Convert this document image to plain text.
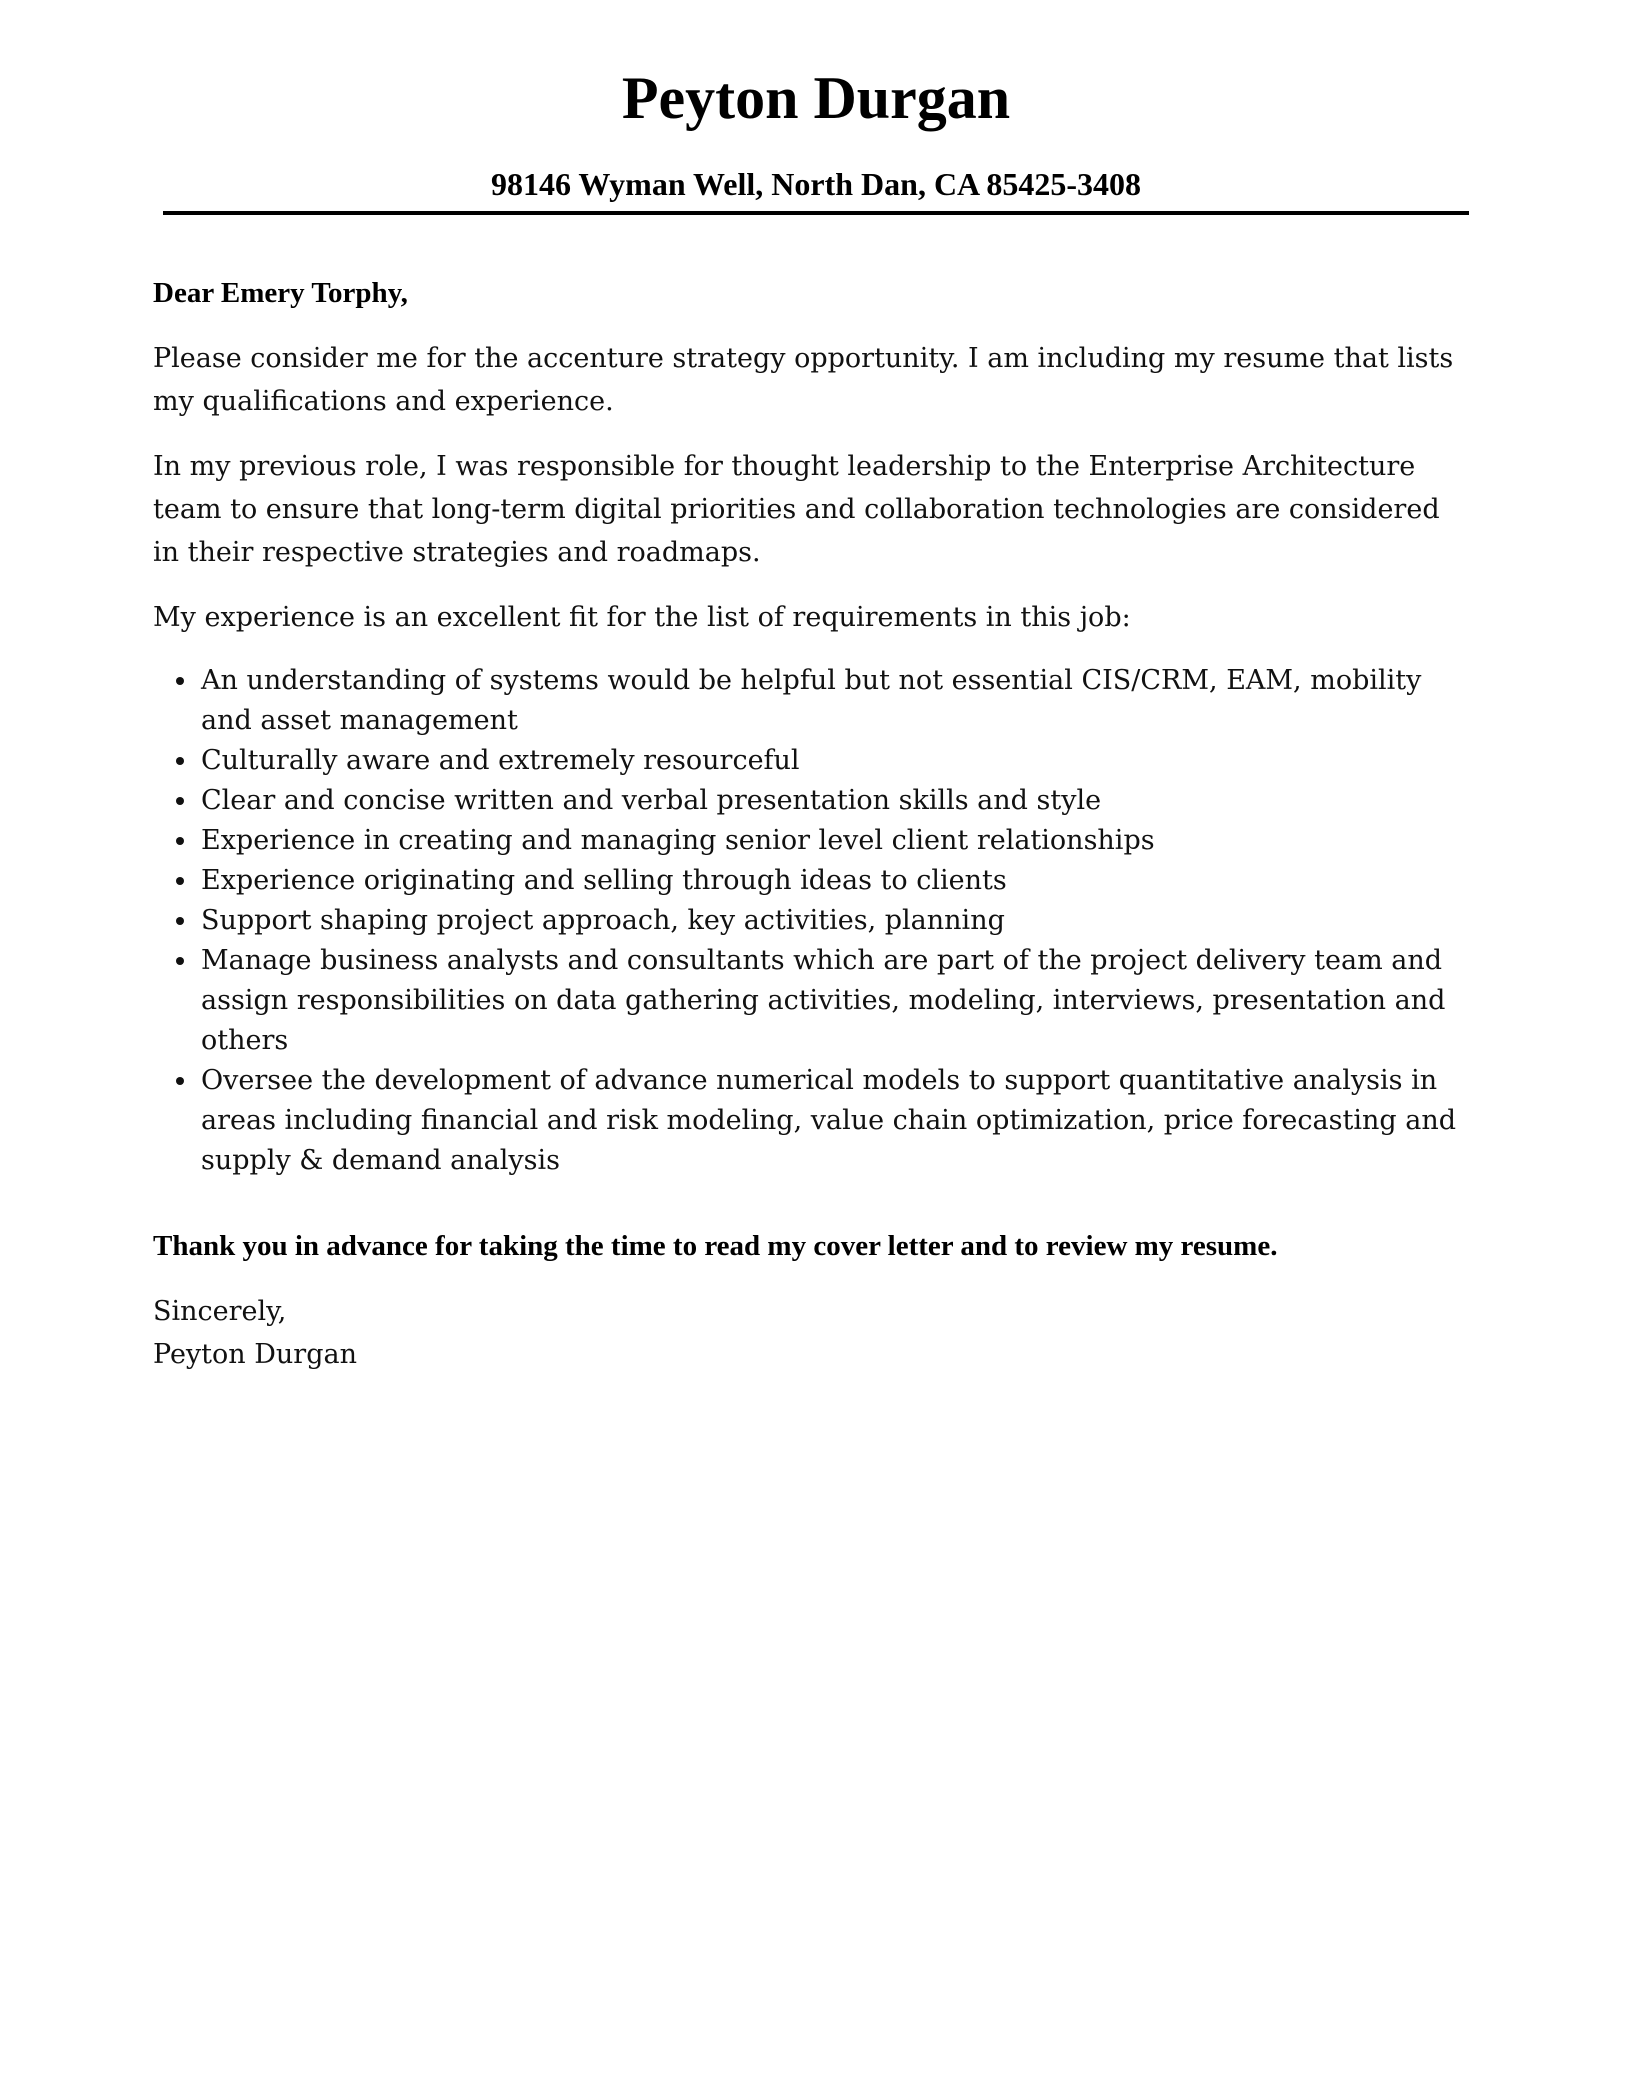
Peyton Durgan
98146 Wyman Well, North Dan, CA 85425-3408

Dear Emery Torphy,

Please consider me for the accenture strategy opportunity. I am including my resume that lists my qualifications and experience.

In my previous role, I was responsible for thought leadership to the Enterprise Architecture team to ensure that long-term digital priorities and collaboration technologies are considered in their respective strategies and roadmaps.

My experience is an excellent fit for the list of requirements in this job:

An understanding of systems would be helpful but not essential CIS/CRM, EAM, mobility and asset management
Culturally aware and extremely resourceful
Clear and concise written and verbal presentation skills and style
Experience in creating and managing senior level client relationships
Experience originating and selling through ideas to clients
Support shaping project approach, key activities, planning
Manage business analysts and consultants which are part of the project delivery team and assign responsibilities on data gathering activities, modeling, interviews, presentation and others
Oversee the development of advance numerical models to support quantitative analysis in areas including financial and risk modeling, value chain optimization, price forecasting and supply & demand analysis

Thank you in advance for taking the time to read my cover letter and to review my resume.

Sincerely,

Peyton Durgan
